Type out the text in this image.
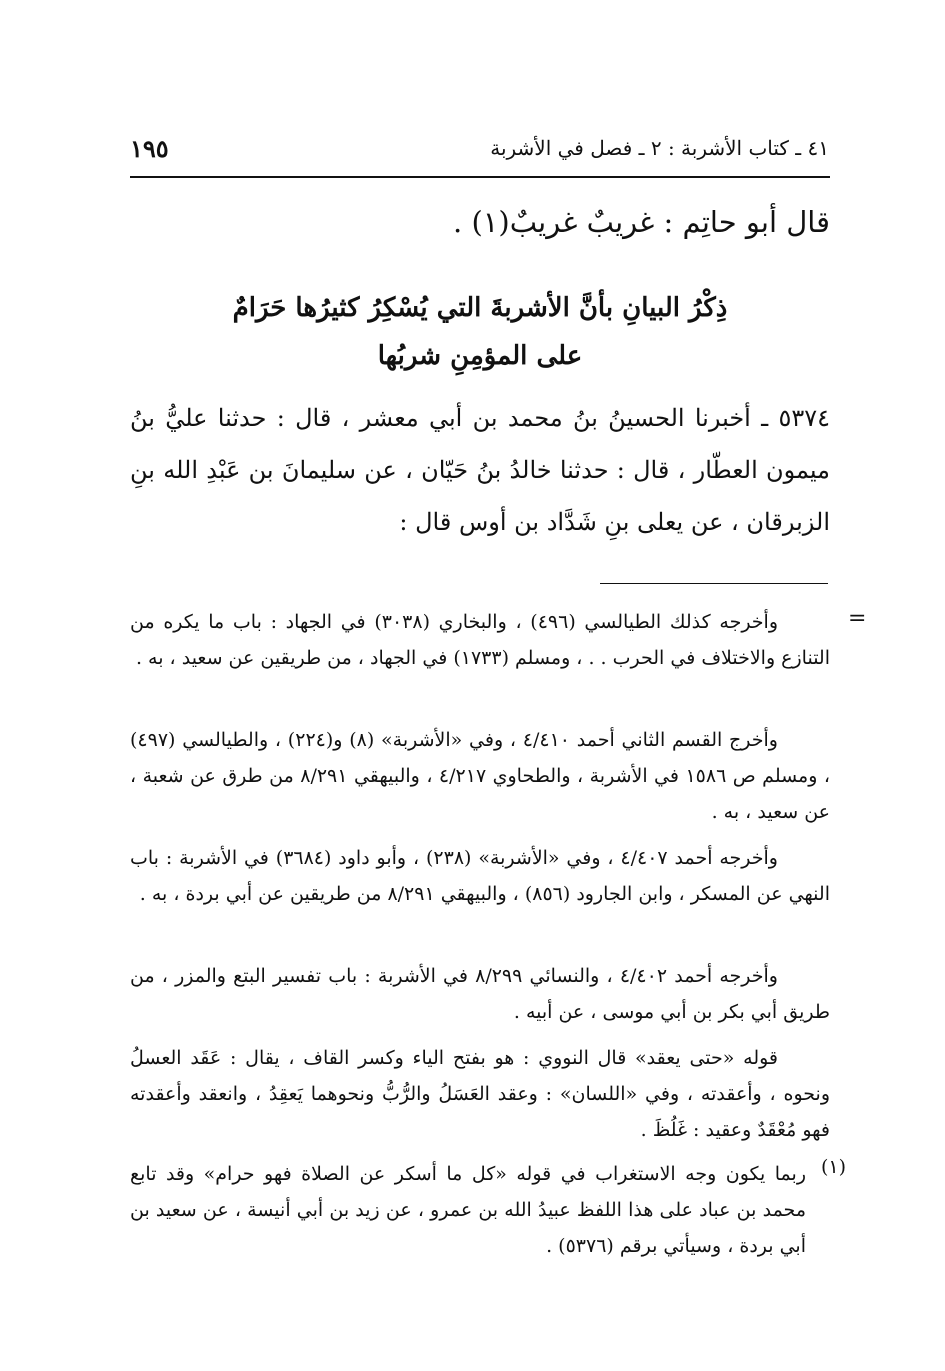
٤١ ـ كتاب الأشربة : ٢ ـ فصل في الأشربة
١٩٥
قال أبو حاتِم : غريبٌ غريبٌ(١) .
ذِكْرُ البيانِ بأنَّ الأشربةَ التي يُسْكِرُ كثيرُها حَرَامٌ
على المؤمِنِ شربُها
٥٣٧٤ ـ أخبرنا الحسينُ بنُ محمد بن أبي معشر ، قال : حدثنا عليُّ بنُ ميمون العطّار ، قال : حدثنا خالدُ بنُ حَيّان ، عن سليمانَ بن عَبْدِ الله بنِ الزبرقان ، عن يعلى بنِ شَدَّاد بن أوس قال :
=

وأخرجه كذلك الطيالسي (٤٩٦) ، والبخاري (٣٠٣٨) في الجهاد : باب ما يكره من التنازع والاختلاف في الحرب . . ، ومسلم (١٧٣٣) في الجهاد ، من طريقين عن سعيد ، به .

وأخرج القسم الثاني أحمد ٤/٤١٠ ، وفي «الأشربة» (٨) و(٢٢٤) ، والطيالسي (٤٩٧) ، ومسلم ص ١٥٨٦ في الأشربة ، والطحاوي ٤/٢١٧ ، والبيهقي ٨/٢٩١ من طرق عن شعبة ، عن سعيد ، به .

وأخرجه أحمد ٤/٤٠٧ ، وفي «الأشربة» (٢٣٨) ، وأبو داود (٣٦٨٤) في الأشربة : باب النهي عن المسكر ، وابن الجارود (٨٥٦) ، والبيهقي ٨/٢٩١ من طريقين عن أبي بردة ، به .

وأخرجه أحمد ٤/٤٠٢ ، والنسائي ٨/٢٩٩ في الأشربة : باب تفسير البتع والمزر ، من طريق أبي بكر بن أبي موسى ، عن أبيه .

قوله «حتى يعقد» قال النووي : هو بفتح الياء وكسر القاف ، يقال : عَقَد العسلُ ونحوه ، وأعقدته ، وفي «اللسان» : وعقد العَسَلُ والرُّبُّ ونحوهما يَعقِدُ ، وانعقد وأعقدته فهو مُعْقَدٌ وعقيد : غَلُظَ .

(١)
ربما يكون وجه الاستغراب في قوله «كل ما أسكر عن الصلاة فهو حرام» وقد تابع محمد بن عباد على هذا اللفظ عبيدُ الله بن عمرو ، عن زيد بن أبي أنيسة ، عن سعيد بن أبي بردة ، وسيأتي برقم (٥٣٧٦) .
